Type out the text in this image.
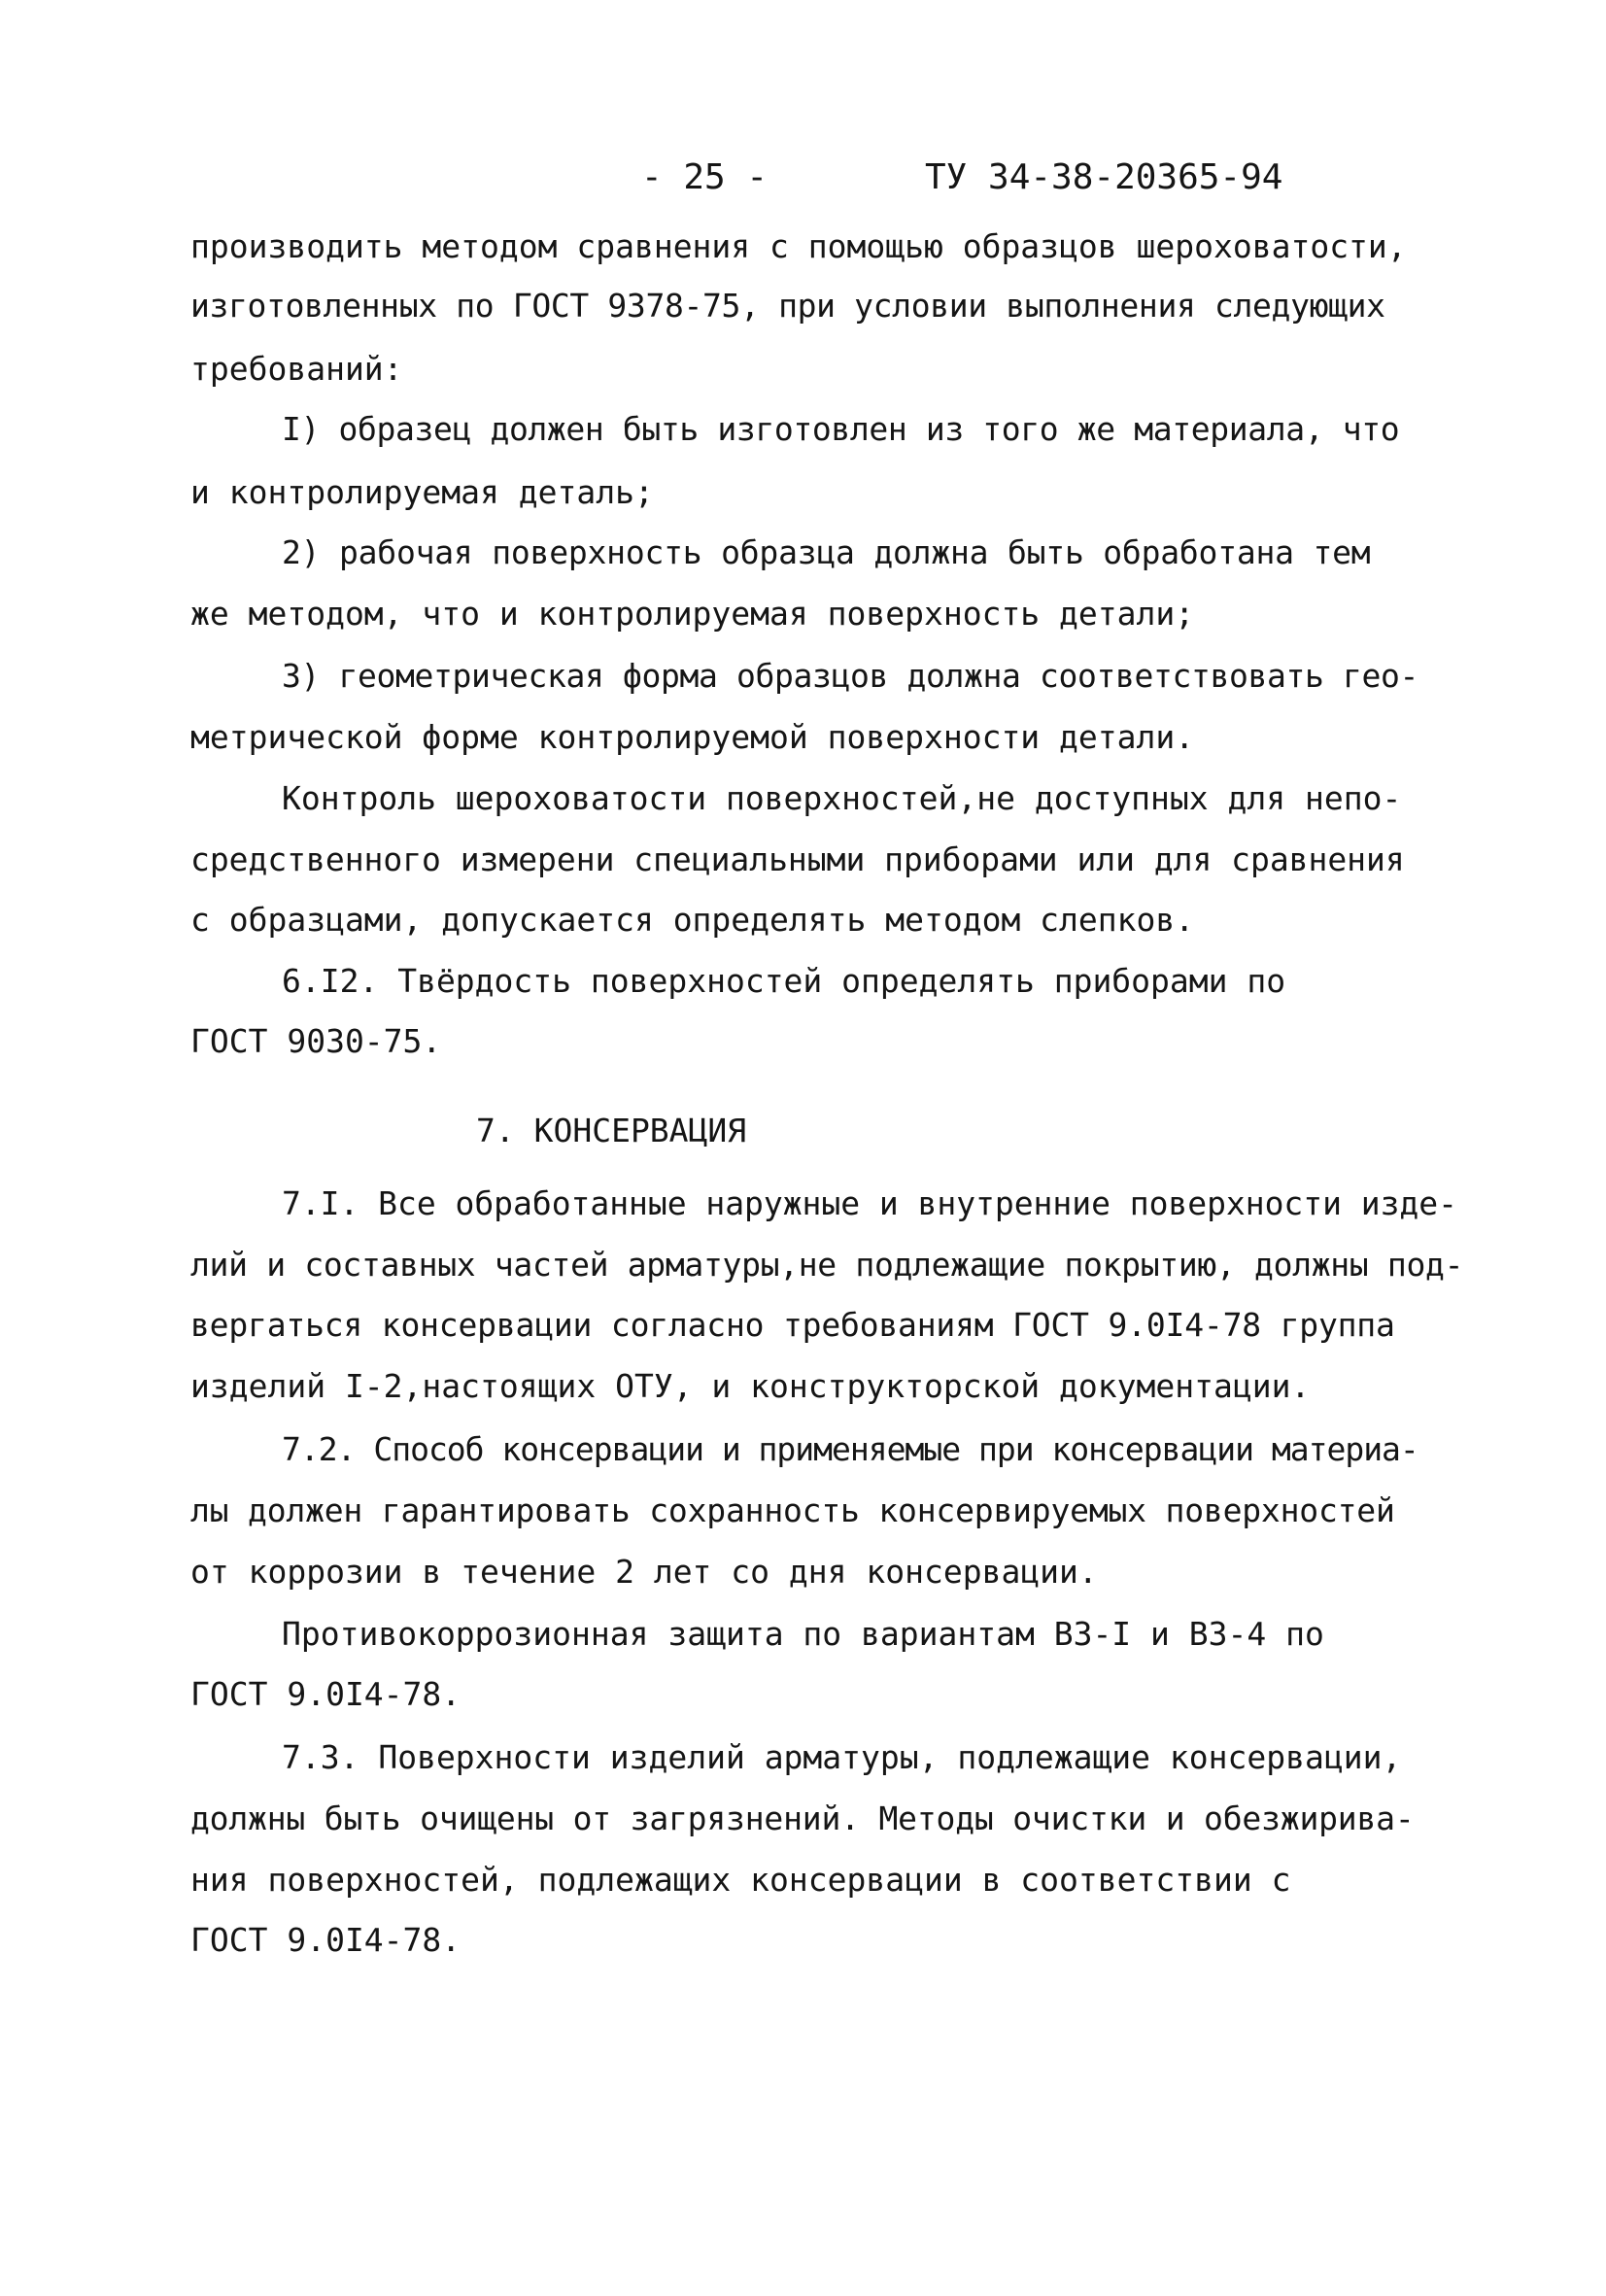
- 25 -	ТУ 34-38-20365-94
производить методом сравнения с помощью образцов шероховатости,
изготовленных по ГОСТ 9378-75, при условии выполнения следующих
требований:
I) образец должен быть изготовлен из того же материала, что
и контролируемая деталь;
2) рабочая поверхность образца должна быть обработана тем
же методом, что и контролируемая поверхность детали;
3) геометрическая форма образцов должна соответствовать гео-
метрической форме контролируемой поверхности детали.
Контроль шероховатости поверхностей,не доступных для непо-
средственного измерени специальными приборами или для сравнения
с образцами, допускается определять методом слепков.
6.I2. Твёрдость поверхностей определять приборами по
ГОСТ 9030-75.
7. КОНСЕРВАЦИЯ
7.I. Все обработанные наружные и внутренние поверхности изде-
лий и составных частей арматуры,не подлежащие покрытию, должны под-
вергаться консервации согласно требованиям ГОСТ 9.0I4-78 группа
изделий I-2,настоящих ОТУ, и конструкторской документации.
7.2. Способ консервации и применяемые при консервации материа-
лы должен гарантировать сохранность консервируемых поверхностей
от коррозии в течение 2 лет со дня консервации.
Противокоррозионная защита по вариантам ВЗ-I и ВЗ-4 по
ГОСТ 9.0I4-78.
7.3. Поверхности изделий арматуры, подлежащие консервации,
должны быть очищены от загрязнений. Методы очистки и обезжирива-
ния поверхностей, подлежащих консервации в соответствии с
ГОСТ 9.0I4-78.
